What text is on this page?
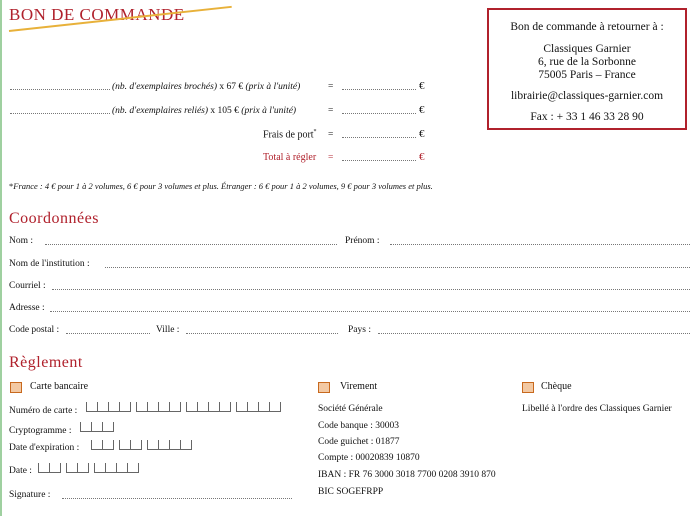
BON DE COMMANDE
Bon de commande à retourner à :
Classiques Garnier
6, rue de la Sorbonne
75005 Paris – France
librairie@classiques-garnier.com
Fax : + 33 1 46 33 28 90
(nb. d'exemplaires brochés) x 67 € (prix à l'unité)	=	€
(nb. d'exemplaires reliés) x 105 € (prix à l'unité)	=	€
Frais de port* =	€
Total à régler =	€
*France : 4 € pour 1 à 2 volumes, 6 € pour 3 volumes et plus. Étranger : 6 € pour 1 à 2 volumes, 9 € pour 3 volumes et plus.
Coordonnées
Nom :	Prénom :
Nom de l'institution :
Courriel :
Adresse :
Code postal :	Ville :	Pays :
Règlement
Carte bancaire
Numéro de carte :
Cryptogramme :
Date d'expiration :
Date :
Signature :
Virement
Société Générale
Code banque : 30003
Code guichet : 01877
Compte : 00020839 10870
IBAN : FR 76 3000 3018 7700 0208 3910 870
BIC SOGEFRPP
Chèque
Libellé à l'ordre des Classiques Garnier
